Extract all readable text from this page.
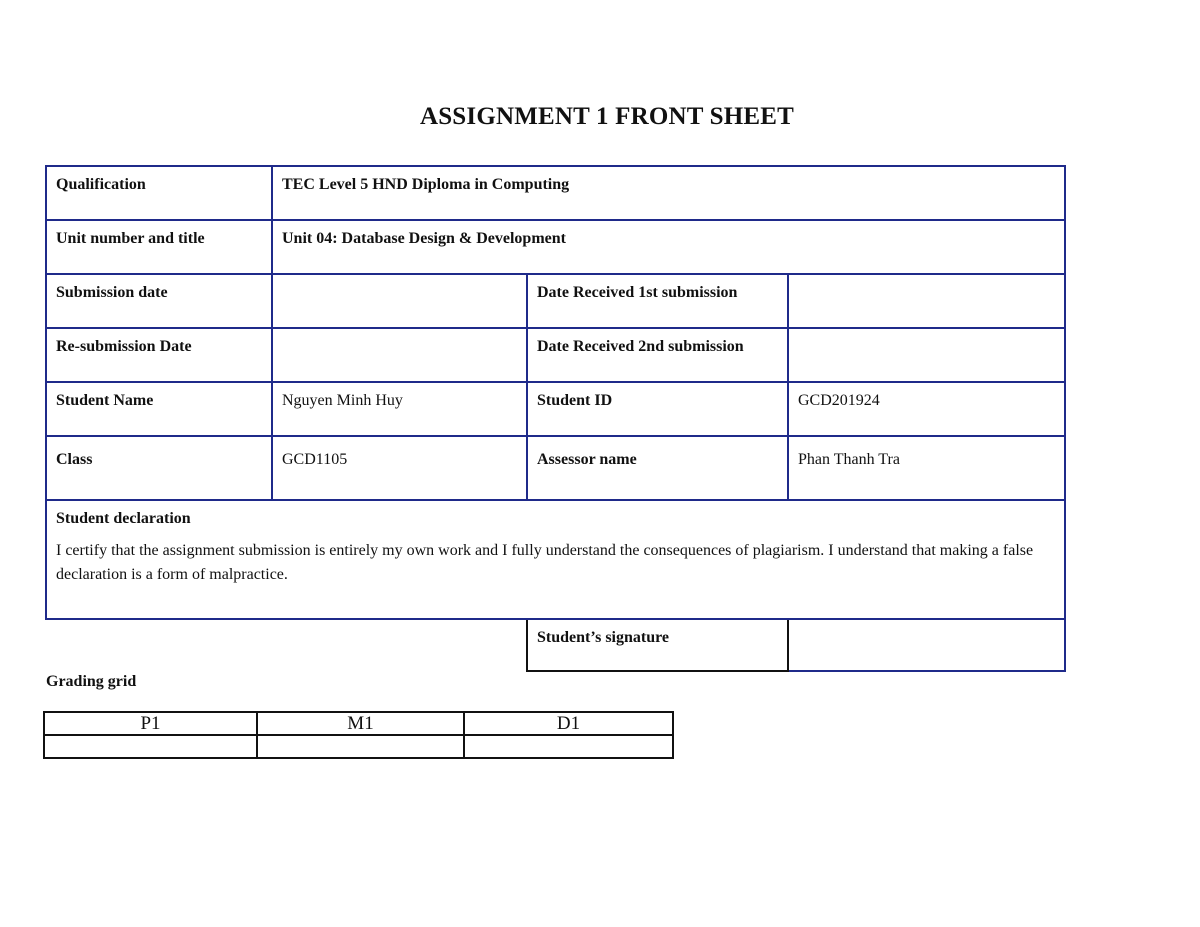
ASSIGNMENT 1 FRONT SHEET
Qualification	TEC Level 5 HND Diploma in Computing		
Unit number and title	Unit 04: Database Design & Development		
Submission date		Date Received 1st submission	
Re-submission Date		Date Received 2nd submission	
Student Name	Nguyen Minh Huy	Student ID	GCD201924
Class	GCD1105	Assessor name	Phan Thanh Tra

Student declaration
I certify that the assignment submission is entirely my own work and I fully understand the consequences of plagiarism. I understand that making a false declaration is a form of malpractice.			

		Student’s signature	
Grading grid
P1	M1	D1
